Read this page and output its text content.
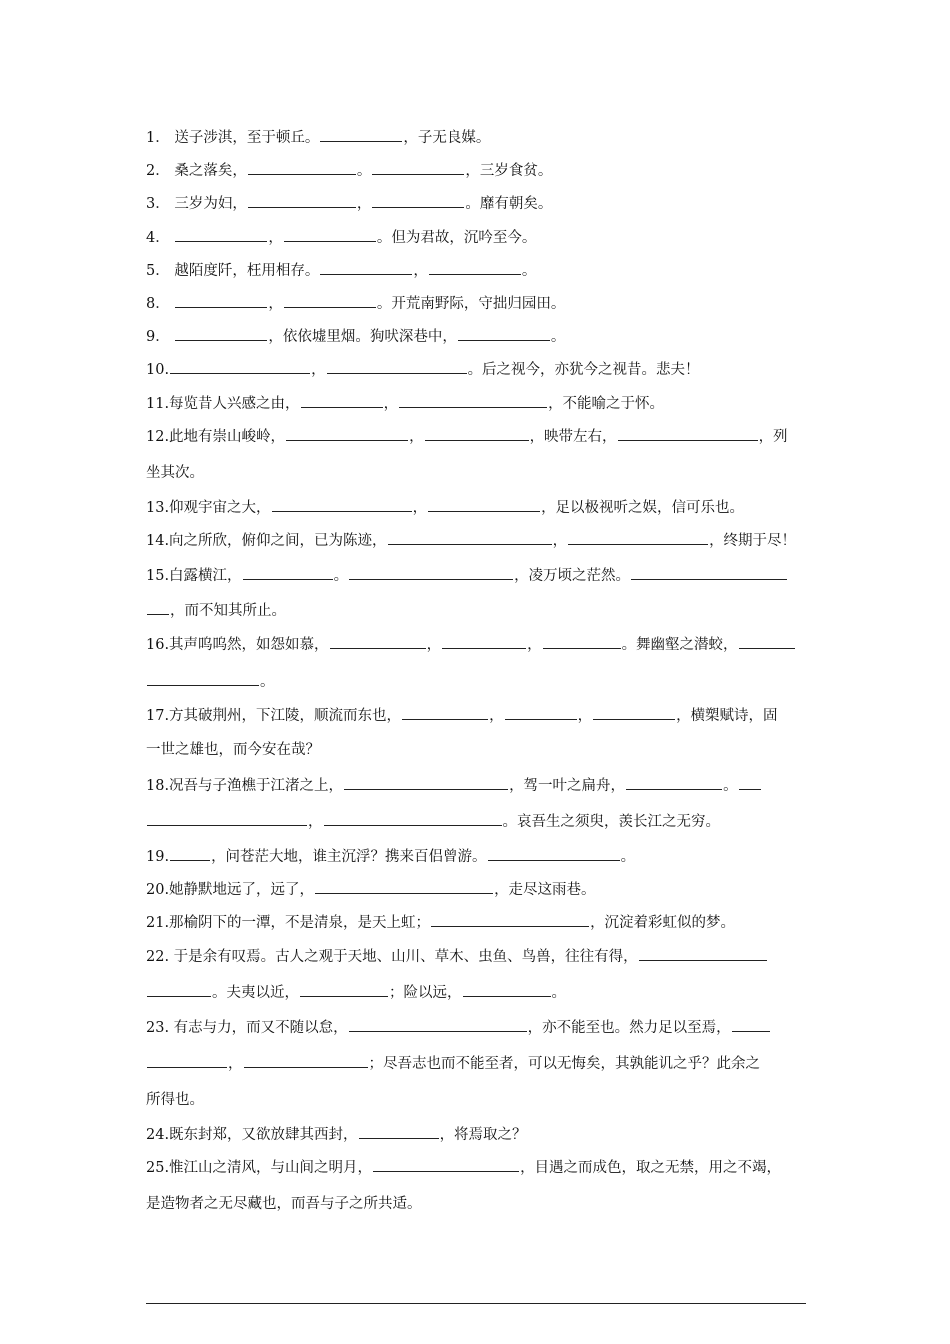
1． 送子涉淇，至于顿丘。	，子无良媒。
2． 桑之落矣，	。	，三岁食贫。
3． 三岁为妇，	，	。靡有朝矣。
4．	，	。但为君故，沉吟至今。
5． 越陌度阡，枉用相存。	，	。
8．	，	。开荒南野际，守拙归园田。
9．	，依依墟里烟。狗吠深巷中，	。
10.	，	。后之视今，亦犹今之视昔。悲夫！
11.每览昔人兴感之由，	，	，不能喻之于怀。
12.此地有崇山峻岭，	，	，映带左右，	，列
坐其次。
13.仰观宇宙之大，	，	，足以极视听之娱，信可乐也。
14.向之所欣，俯仰之间，已为陈迹，	，	，终期于尽！
15.白露横江，	。	，凌万顷之茫然。
，而不知其所止。
16.其声呜呜然，如怨如慕，	，	，	。舞幽壑之潜蛟，
。
17.方其破荆州，下江陵，顺流而东也，	，	，	，横槊赋诗，固
一世之雄也，而今安在哉？
18.况吾与子渔樵于江渚之上，	，驾一叶之扁舟，	。
，	。哀吾生之须臾，羡长江之无穷。
19.	，问苍茫大地，谁主沉浮？携来百侣曾游。	。
20.她静默地远了，远了，	，走尽这雨巷。
21.那榆阴下的一潭，不是清泉，是天上虹；	，沉淀着彩虹似的梦。
22. 于是余有叹焉。古人之观于天地、山川、草木、虫鱼、鸟兽，往往有得，
。夫夷以近，	；险以远，	。
23. 有志与力，而又不随以怠，	，亦不能至也。然力足以至焉，
，	；尽吾志也而不能至者，可以无悔矣，其孰能讥之乎？此余之
所得也。
24.既东封郑，又欲放肆其西封，	，将焉取之？
25.惟江山之清风，与山间之明月，	，目遇之而成色，取之无禁，用之不竭，
是造物者之无尽藏也，而吾与子之所共适。
